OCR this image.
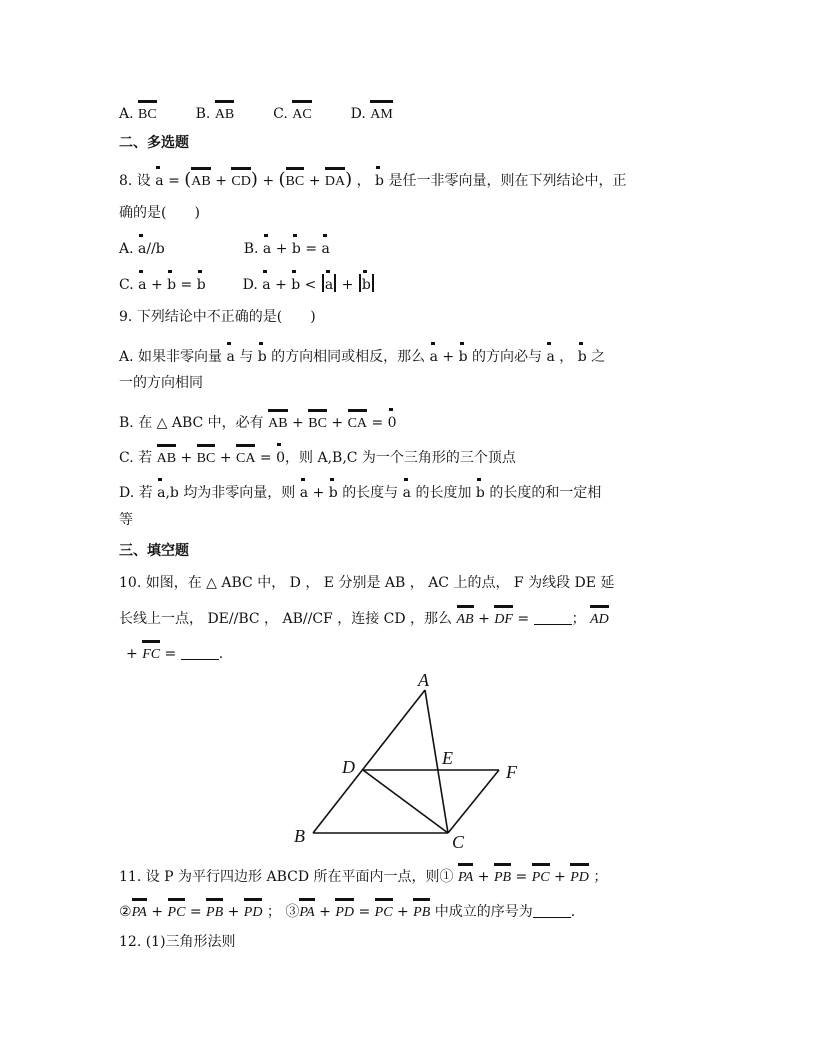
A. BC	B. AB	C. AC	D. AM
二、多选题
8. 设 a = (AB + CD) + (BC + DA) ， b 是任一非零向量，则在下列结论中，正
确的是(　　)
A. a//b	B. a + b = a
C. a + b = b	D. a + b < a + b
9. 下列结论中不正确的是(　　)
A. 如果非零向量 a 与 b 的方向相同或相反，那么 a + b 的方向必与 a ， b 之
一的方向相同
B. 在 △ ABC 中，必有 AB + BC + CA = 0
C. 若 AB + BC + CA = 0，则 A,B,C 为一个三角形的三个顶点
D. 若 a,b 均为非零向量，则 a + b 的长度与 a 的长度加 b 的长度的和一定相
等
三、填空题
10. 如图，在 △ ABC 中， D ， E 分别是 AB ， AC 上的点， F 为线段 DE 延
长线上一点， DE//BC ， AB//CF ，连接 CD ，那么 AB + DF =	； AD
+ FC =	.
A
B	C
D	E
F
11. 设 P 为平行四边形 ABCD 所在平面内一点，则① PA + PB = PC + PD ；
②PA + PC = PB + PD ； ③PA + PD = PC + PB 中成立的序号为	.
12. (1)三角形法则
